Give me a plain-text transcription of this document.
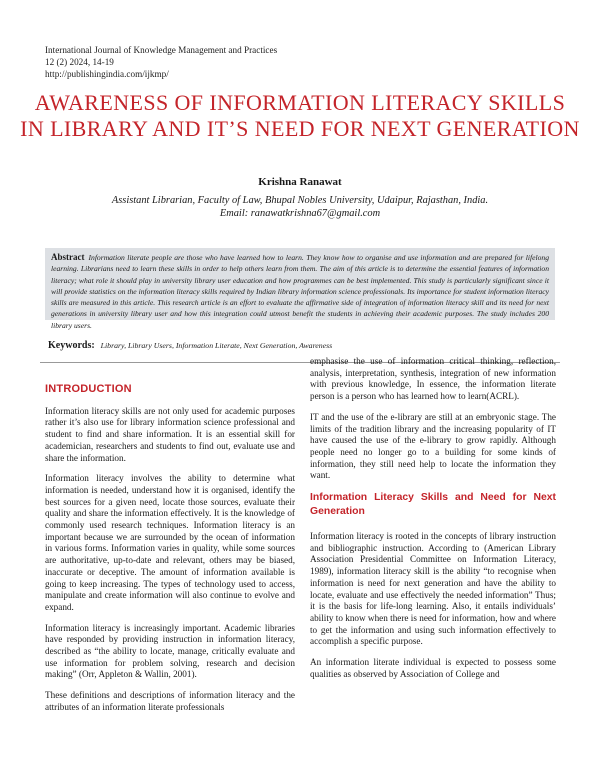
International Journal of Knowledge Management and Practices
12 (2) 2024, 14-19
http://publishingindia.com/ijkmp/
AWARENESS OF INFORMATION LITERACY SKILLS IN LIBRARY AND IT’S NEED FOR NEXT GENERATION
Krishna Ranawat
Assistant Librarian, Faculty of Law, Bhupal Nobles University, Udaipur, Rajasthan, India.
Email: ranawatkrishna67@gmail.com
Abstract Information literate people are those who have learned how to learn. They know how to organise and use information and are prepared for lifelong learning. Librarians need to learn these skills in order to help others learn from them. The aim of this article is to determine the essential features of information literacy; what role it should play in university library user education and how programmes can be best implemented. This study is particularly significant since it will provide statistics on the information literacy skills required by Indian library information science professionals. Its importance for student information literacy skills are measured in this article. This research article is an effort to evaluate the affirmative side of integration of information literacy skill and its need for next generations in university library user and how this integration could utmost benefit the students in achieving their academic purposes. The study includes 200 library users.
Keywords: Library, Library Users, Information Literate, Next Generation, Awareness
INTRODUCTION

Information literacy skills are not only used for academic purposes rather it’s also use for library information science professional and student to find and share information. It is an essential skill for academician, researchers and students to find out, evaluate use and share the information.

Information literacy involves the ability to determine what information is needed, understand how it is organised, identify the best sources for a given need, locate those sources, evaluate their quality and share the information effectively. It is the knowledge of commonly used research techniques. Information literacy is an important because we are surrounded by the ocean of information in various forms. Information varies in quality, while some sources are authoritative, up-to-date and relevant, others may be biased, inaccurate or deceptive. The amount of information available is going to keep increasing. The types of technology used to access, manipulate and create information will also continue to evolve and expand.

Information literacy is increasingly important. Academic libraries have responded by providing instruction in information literacy, described as “the ability to locate, manage, critically evaluate and use information for problem solving, research and decision making” (Orr, Appleton & Wallin, 2001).

These definitions and descriptions of information literacy and the attributes of an information literate professionals

emphasise the use of information critical thinking, reflection, analysis, interpretation, synthesis, integration of new information with previous knowledge, In essence, the information literate person is a person who has learned how to learn(ACRL).

IT and the use of the e-library are still at an embryonic stage. The limits of the tradition library and the increasing popularity of IT have caused the use of the e-library to grow rapidly. Although people need no longer go to a building for some kinds of information, they still need help to locate the information they want.

Information Literacy Skills and Need for Next Generation

Information literacy is rooted in the concepts of library instruction and bibliographic instruction. According to (American Library Association Presidential Committee on Information Literacy, 1989), information literacy skill is the ability “to recognise when information is need for next generation and have the ability to locate, evaluate and use effectively the needed information” Thus; it is the basis for life-long learning. Also, it entails individuals’ ability to know when there is need for information, how and where to get the information and using such information effectively to accomplish a specific purpose.

An information literate individual is expected to possess some qualities as observed by Association of College and
